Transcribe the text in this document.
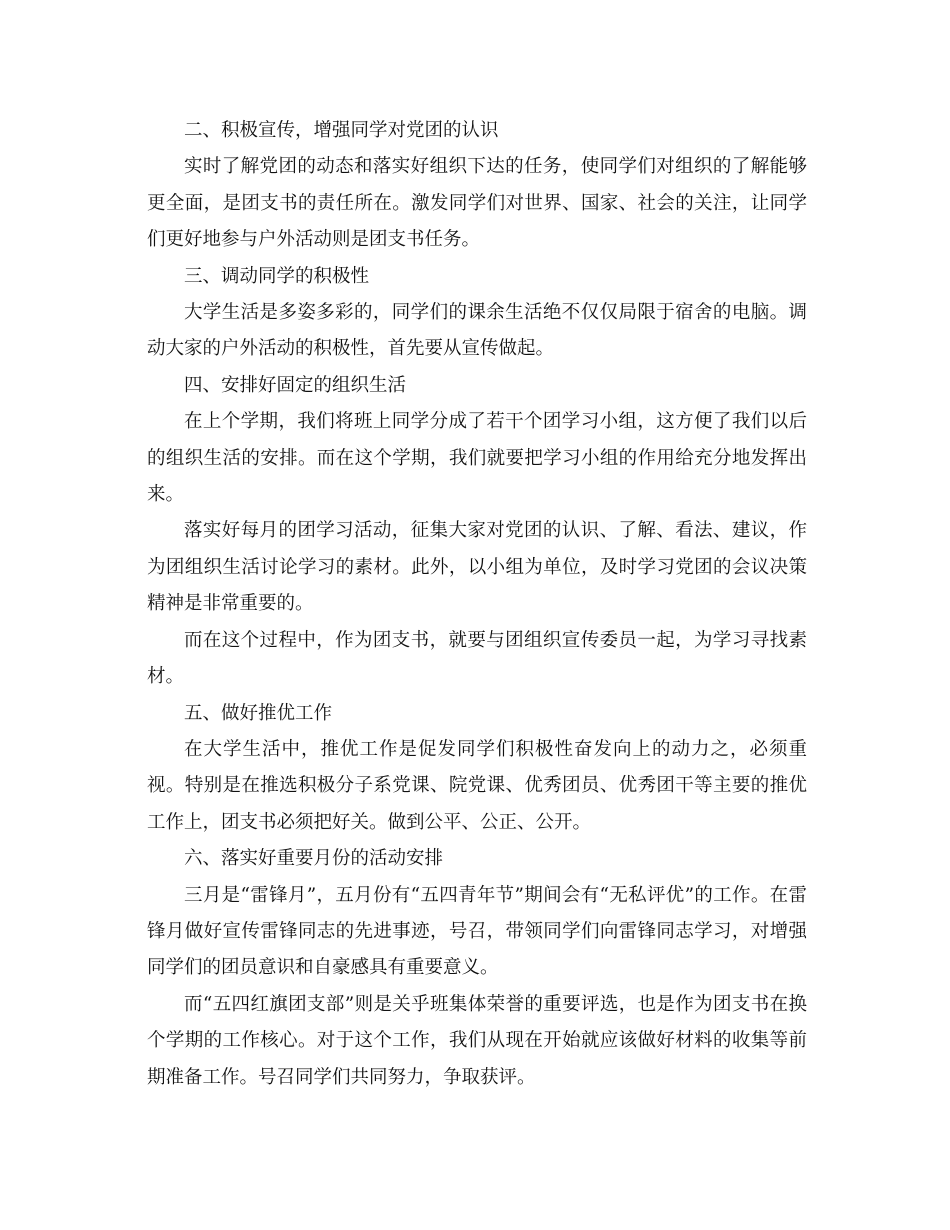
二、积极宣传，增强同学对党团的认识

实时了解党团的动态和落实好组织下达的任务，使同学们对组织的了解能够更全面，是团支书的责任所在。激发同学们对世界、国家、社会的关注，让同学们更好地参与户外活动则是团支书任务。

三、调动同学的积极性

大学生活是多姿多彩的，同学们的课余生活绝不仅仅局限于宿舍的电脑。调动大家的户外活动的积极性，首先要从宣传做起。

四、安排好固定的组织生活

在上个学期，我们将班上同学分成了若干个团学习小组，这方便了我们以后的组织生活的安排。而在这个学期，我们就要把学习小组的作用给充分地发挥出来。

落实好每月的团学习活动，征集大家对党团的认识、了解、看法、建议，作为团组织生活讨论学习的素材。此外，以小组为单位，及时学习党团的会议决策精神是非常重要的。

而在这个过程中，作为团支书，就要与团组织宣传委员一起，为学习寻找素材。

五、做好推优工作

在大学生活中，推优工作是促发同学们积极性奋发向上的动力之，必须重视。特别是在推选积极分子系党课、院党课、优秀团员、优秀团干等主要的推优工作上，团支书必须把好关。做到公平、公正、公开。

六、落实好重要月份的活动安排

三月是“雷锋月”，五月份有“五四青年节”期间会有“无私评优”的工作。在雷锋月做好宣传雷锋同志的先进事迹，号召，带领同学们向雷锋同志学习，对增强同学们的团员意识和自豪感具有重要意义。

而“五四红旗团支部”则是关乎班集体荣誉的重要评选，也是作为团支书在换个学期的工作核心。对于这个工作，我们从现在开始就应该做好材料的收集等前期准备工作。号召同学们共同努力，争取获评。
